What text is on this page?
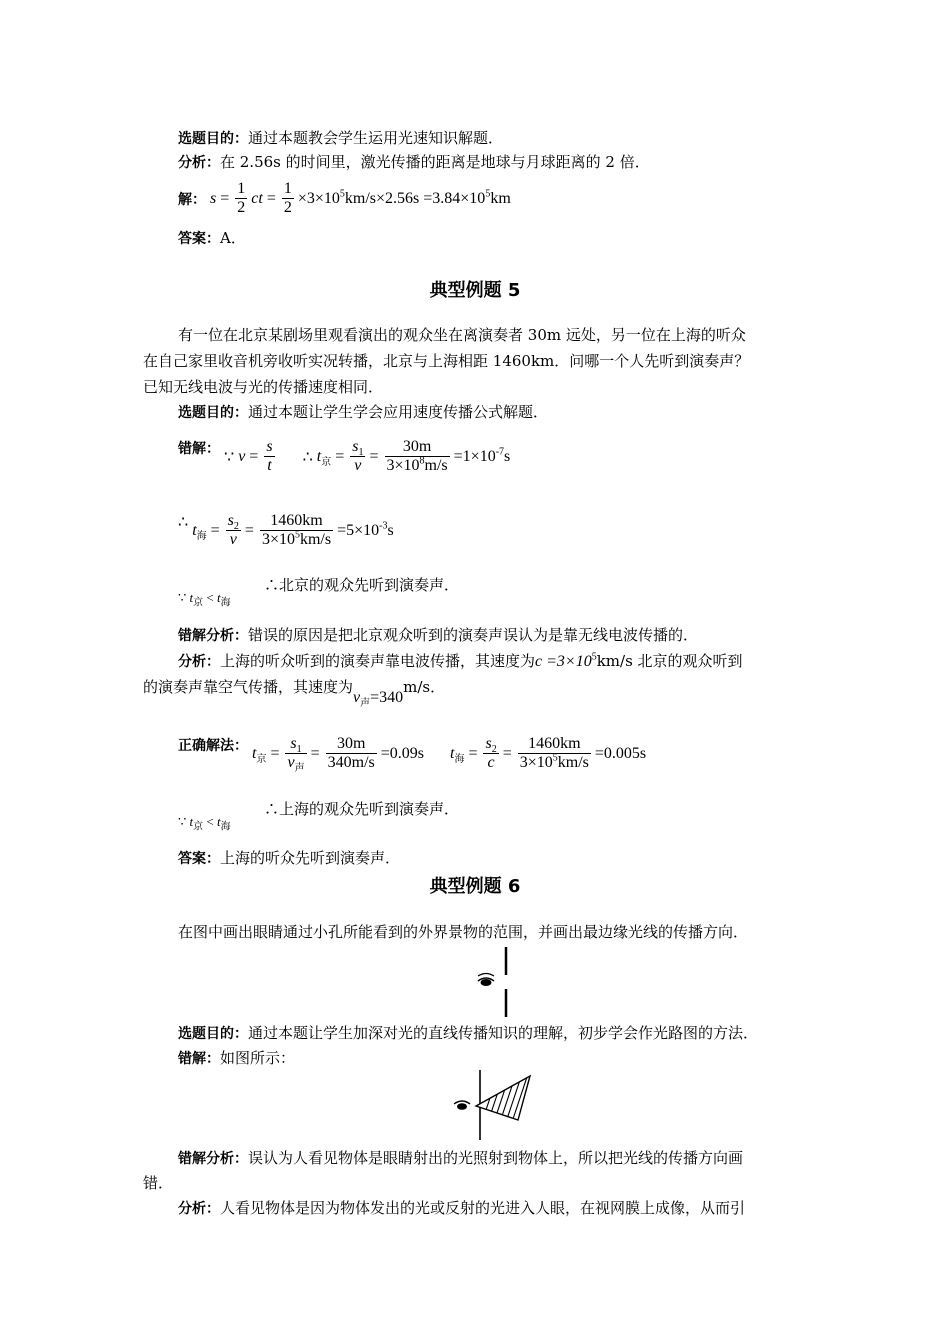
选题目的：通过本题教会学生运用光速知识解题．
分析：在 2.56s 的时间里，激光传播的距离是地球与月球距离的 2 倍．
解： $s = \frac{1}{2}$ ct = $\frac{1}{2} \times 3\times 10^5km/s\times 2.56s =3.84\times 10^5km$
答案：A．
典型例题 5
有一位在北京某剧场里观看演出的观众坐在离演奏者 30m 远处，另一位在上海的听众
在自己家里收音机旁收听实况转播，北京与上海相距 1460km．问哪一个人先听到演奏声？
已知无线电波与光的传播速度相同．
选题目的：通过本题让学生学会应用速度传播公式解题．
错解： ∵ $v = \frac{s}{t}$ ∴ $t_京 = \frac{s_1}{v} = \frac{30m}{3\times 10^8m/s} =1\times 10^{-7}s$
∴ $t_海 = \frac{s_2}{v} = \frac{1460km}{3\times 10^5km/s} =5\times 10^{-3}s$
∵ $t_京 < t_海$
∴北京的观众先听到演奏声．
错解分析：错误的原因是把北京观众听到的演奏声误认为是靠无线电波传播的．
分析：上海的听众听到的演奏声靠电波传播，其速度为$c =3\times 10^5km/s$ 北京的观众听到
的演奏声靠空气传播，其速度为$v_声=340m/s$．
正确解法： $t_京 = \frac{s_1}{v_声} = \frac{30m}{340m/s} =0.09s$ $t_海 = \frac{s_2}{c} = \frac{1460km}{3\times 10^5km/s} =0.005s$
∵ $t_京 < t_海$
∴上海的观众先听到演奏声．
答案：上海的听众先听到演奏声．
典型例题 6
在图中画出眼睛通过小孔所能看到的外界景物的范围，并画出最边缘光线的传播方向．
选题目的：通过本题让学生加深对光的直线传播知识的理解，初步学会作光路图的方法．
错解：如图所示：
错解分析：误认为人看见物体是眼睛射出的光照射到物体上，所以把光线的传播方向画
错．
分析：人看见物体是因为物体发出的光或反射的光进入人眼，在视网膜上成像，从而引
